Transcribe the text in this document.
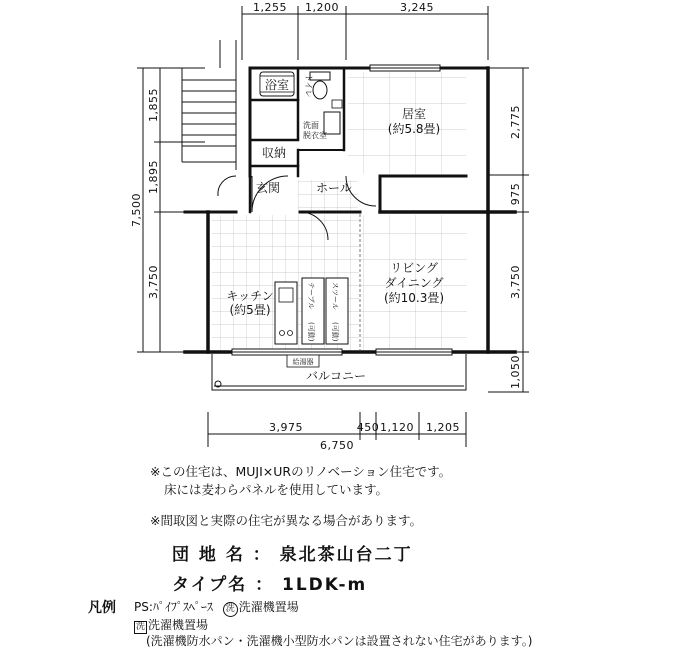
1,255 1,200	3,245
7,500
1,855
1,895
3,750
2,775
975
3,750
1,050
3,975	450 1,120 1,205
6,750
浴室 トイレ
洗面
脱衣室
収納
玄関	ホール
居室
(約5.8畳)
キッチン
(約5畳)
リビング
ダイニング
(約10.3畳)
テーブル
(可動)
スツール
(可動)
給湯器
バルコニー
※この住宅は、MUJI×URのリノベーション住宅です。
床には麦わらパネルを使用しています。
※間取図と実際の住宅が異なる場合があります。
団 地 名 ： 泉北茶山台二丁
タイプ名 ： 1LDK-m
凡例 PS:ﾊﾟｲﾌﾟｽﾍﾟｰｽ 洗 洗濯機置場
洗 洗濯機置場
(洗濯機防水パン・洗濯機小型防水パンは設置されない住宅があります。)
